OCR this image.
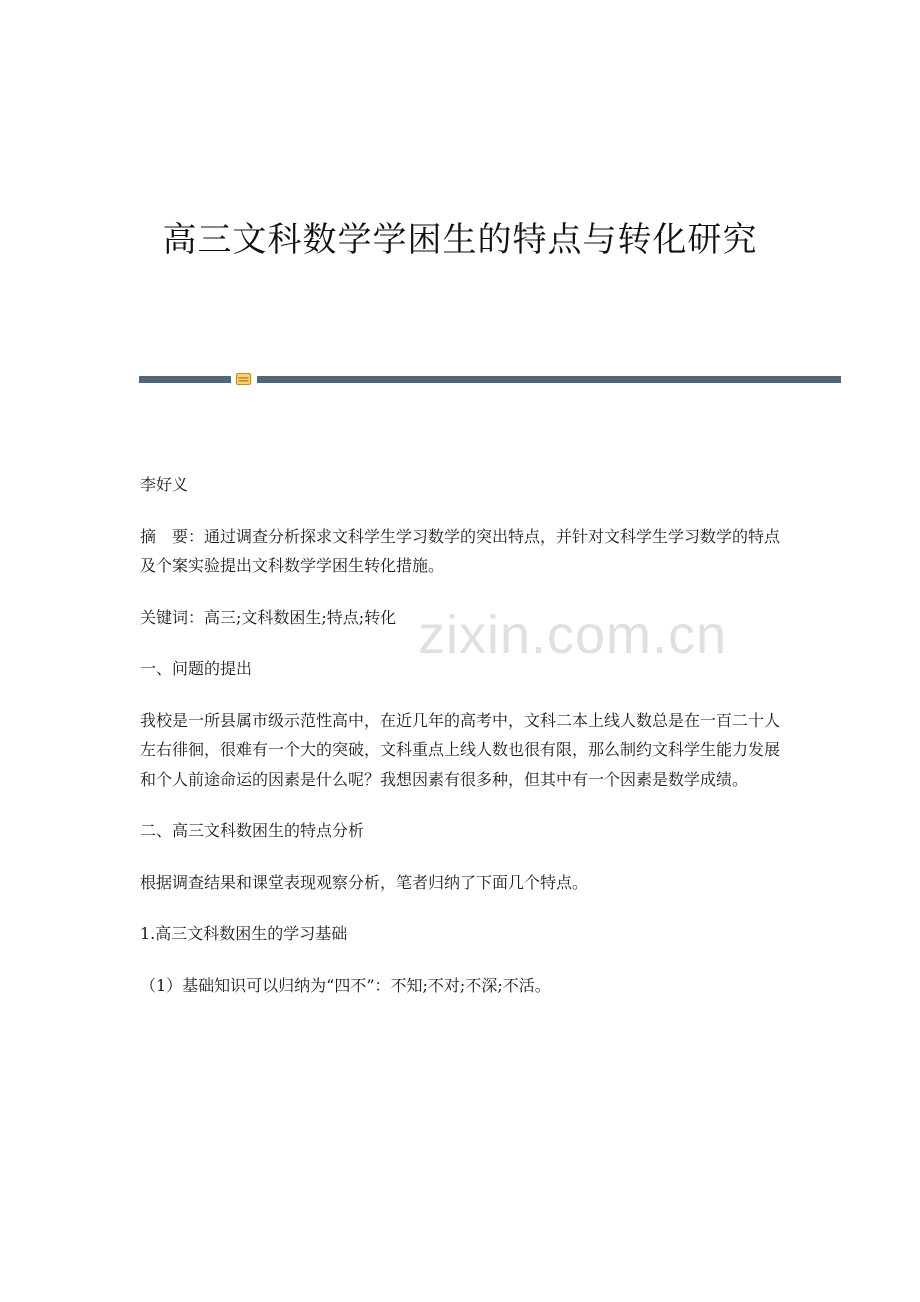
高三文科数学学困生的特点与转化研究
zixin.com.cn

李好义

摘　要：通过调查分析探求文科学生学习数学的突出特点，并针对文科学生学习数学的特点及个案实验提出文科数学学困生转化措施。

关键词：高三;文科数困生;特点;转化

一、问题的提出

我校是一所县属市级示范性高中，在近几年的高考中，文科二本上线人数总是在一百二十人左右徘徊，很难有一个大的突破，文科重点上线人数也很有限，那么制约文科学生能力发展和个人前途命运的因素是什么呢？我想因素有很多种，但其中有一个因素是数学成绩。

二、高三文科数困生的特点分析

根据调查结果和课堂表现观察分析，笔者归纳了下面几个特点。

1.高三文科数困生的学习基础

（1）基础知识可以归纳为“四不”：不知;不对;不深;不活。
